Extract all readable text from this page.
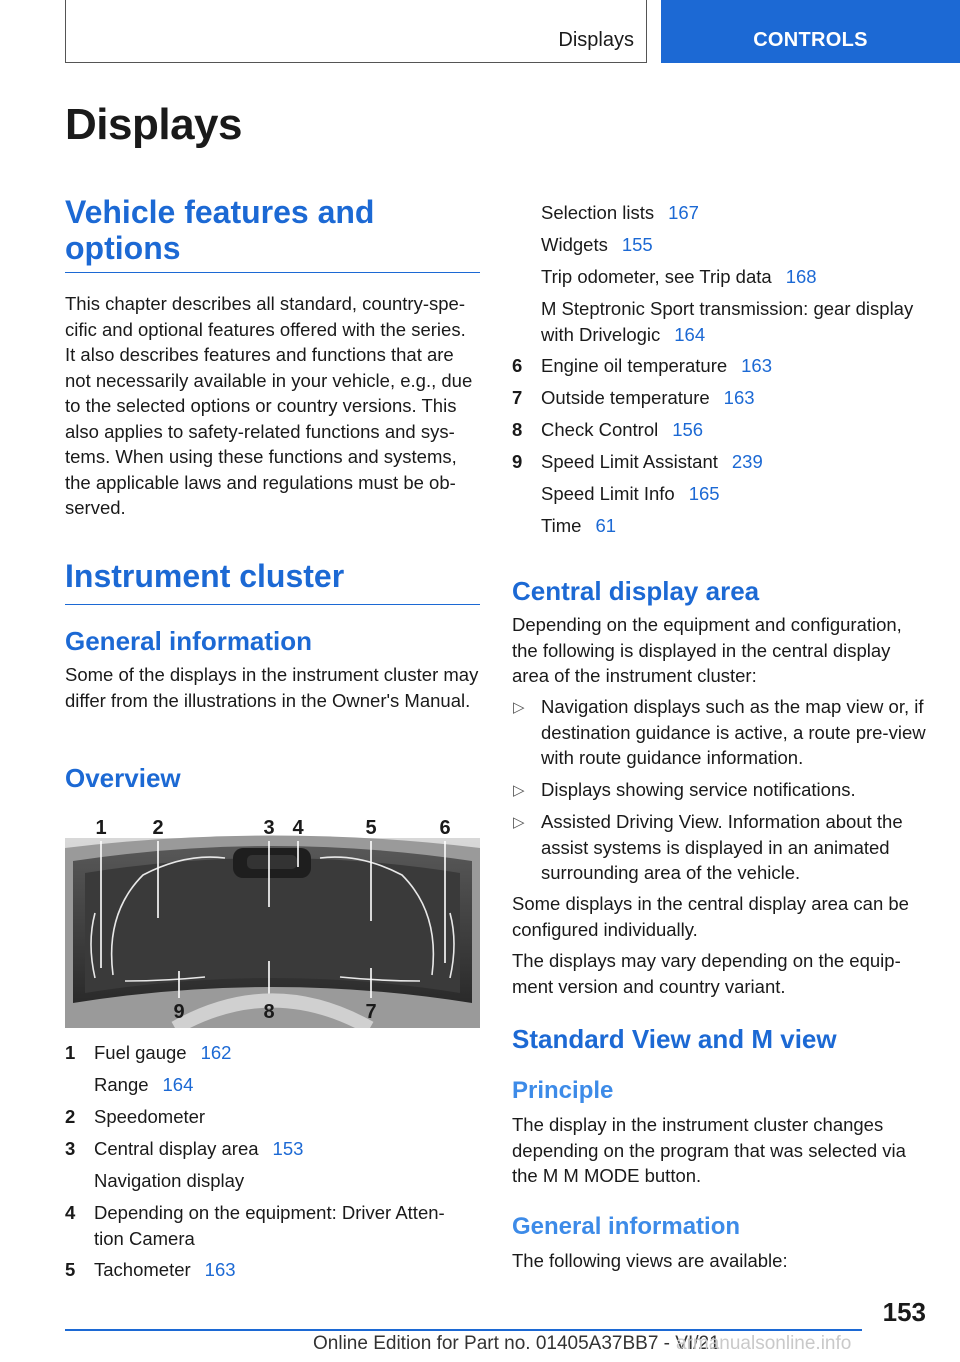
Displays	CONTROLS
Displays
Vehicle features and options

This chapter describes all standard, country-spe-cific and optional features offered with the series. It also describes features and functions that are not necessarily available in your vehicle, e.g., due to the selected options or country versions. This also applies to safety-related functions and sys-tems. When using these functions and systems, the applicable laws and regulations must be ob-served.

Instrument cluster
General information

Some of the displays in the instrument cluster may differ from the illustrations in the Owner's Manual.

Overview
1	Fuel gauge 162
Range 164
2	Speedometer
3	Central display area 153
Navigation display
4	Depending on the equipment: Driver Atten-tion Camera
5	Tachometer 163
1 2	3 4	5	6
9	8	7
Selection lists 167
Widgets 155
Trip odometer, see Trip data 168
M Steptronic Sport transmission: gear display with Drivelogic 164
6	Engine oil temperature 163
7	Outside temperature 163
8	Check Control 156
9	Speed Limit Assistant 239
Speed Limit Info 165
Time 61
Central display area

Depending on the equipment and configuration, the following is displayed in the central display area of the instrument cluster:

▷ Navigation displays such as the map view or, if destination guidance is active, a route pre-view with route guidance information.
▷ Displays showing service notifications.
▷ Assisted Driving View. Information about the assist systems is displayed in an animated surrounding area of the vehicle.

Some displays in the central display area can be configured individually.

The displays may vary depending on the equip-ment version and country variant.

Standard View and M view
Principle

The display in the instrument cluster changes depending on the program that was selected via the M M MODE button.

General information

The following views are available:

153
Online Edition for Part no. 01405A37BB7 - VI/21
armanualsonline.info
